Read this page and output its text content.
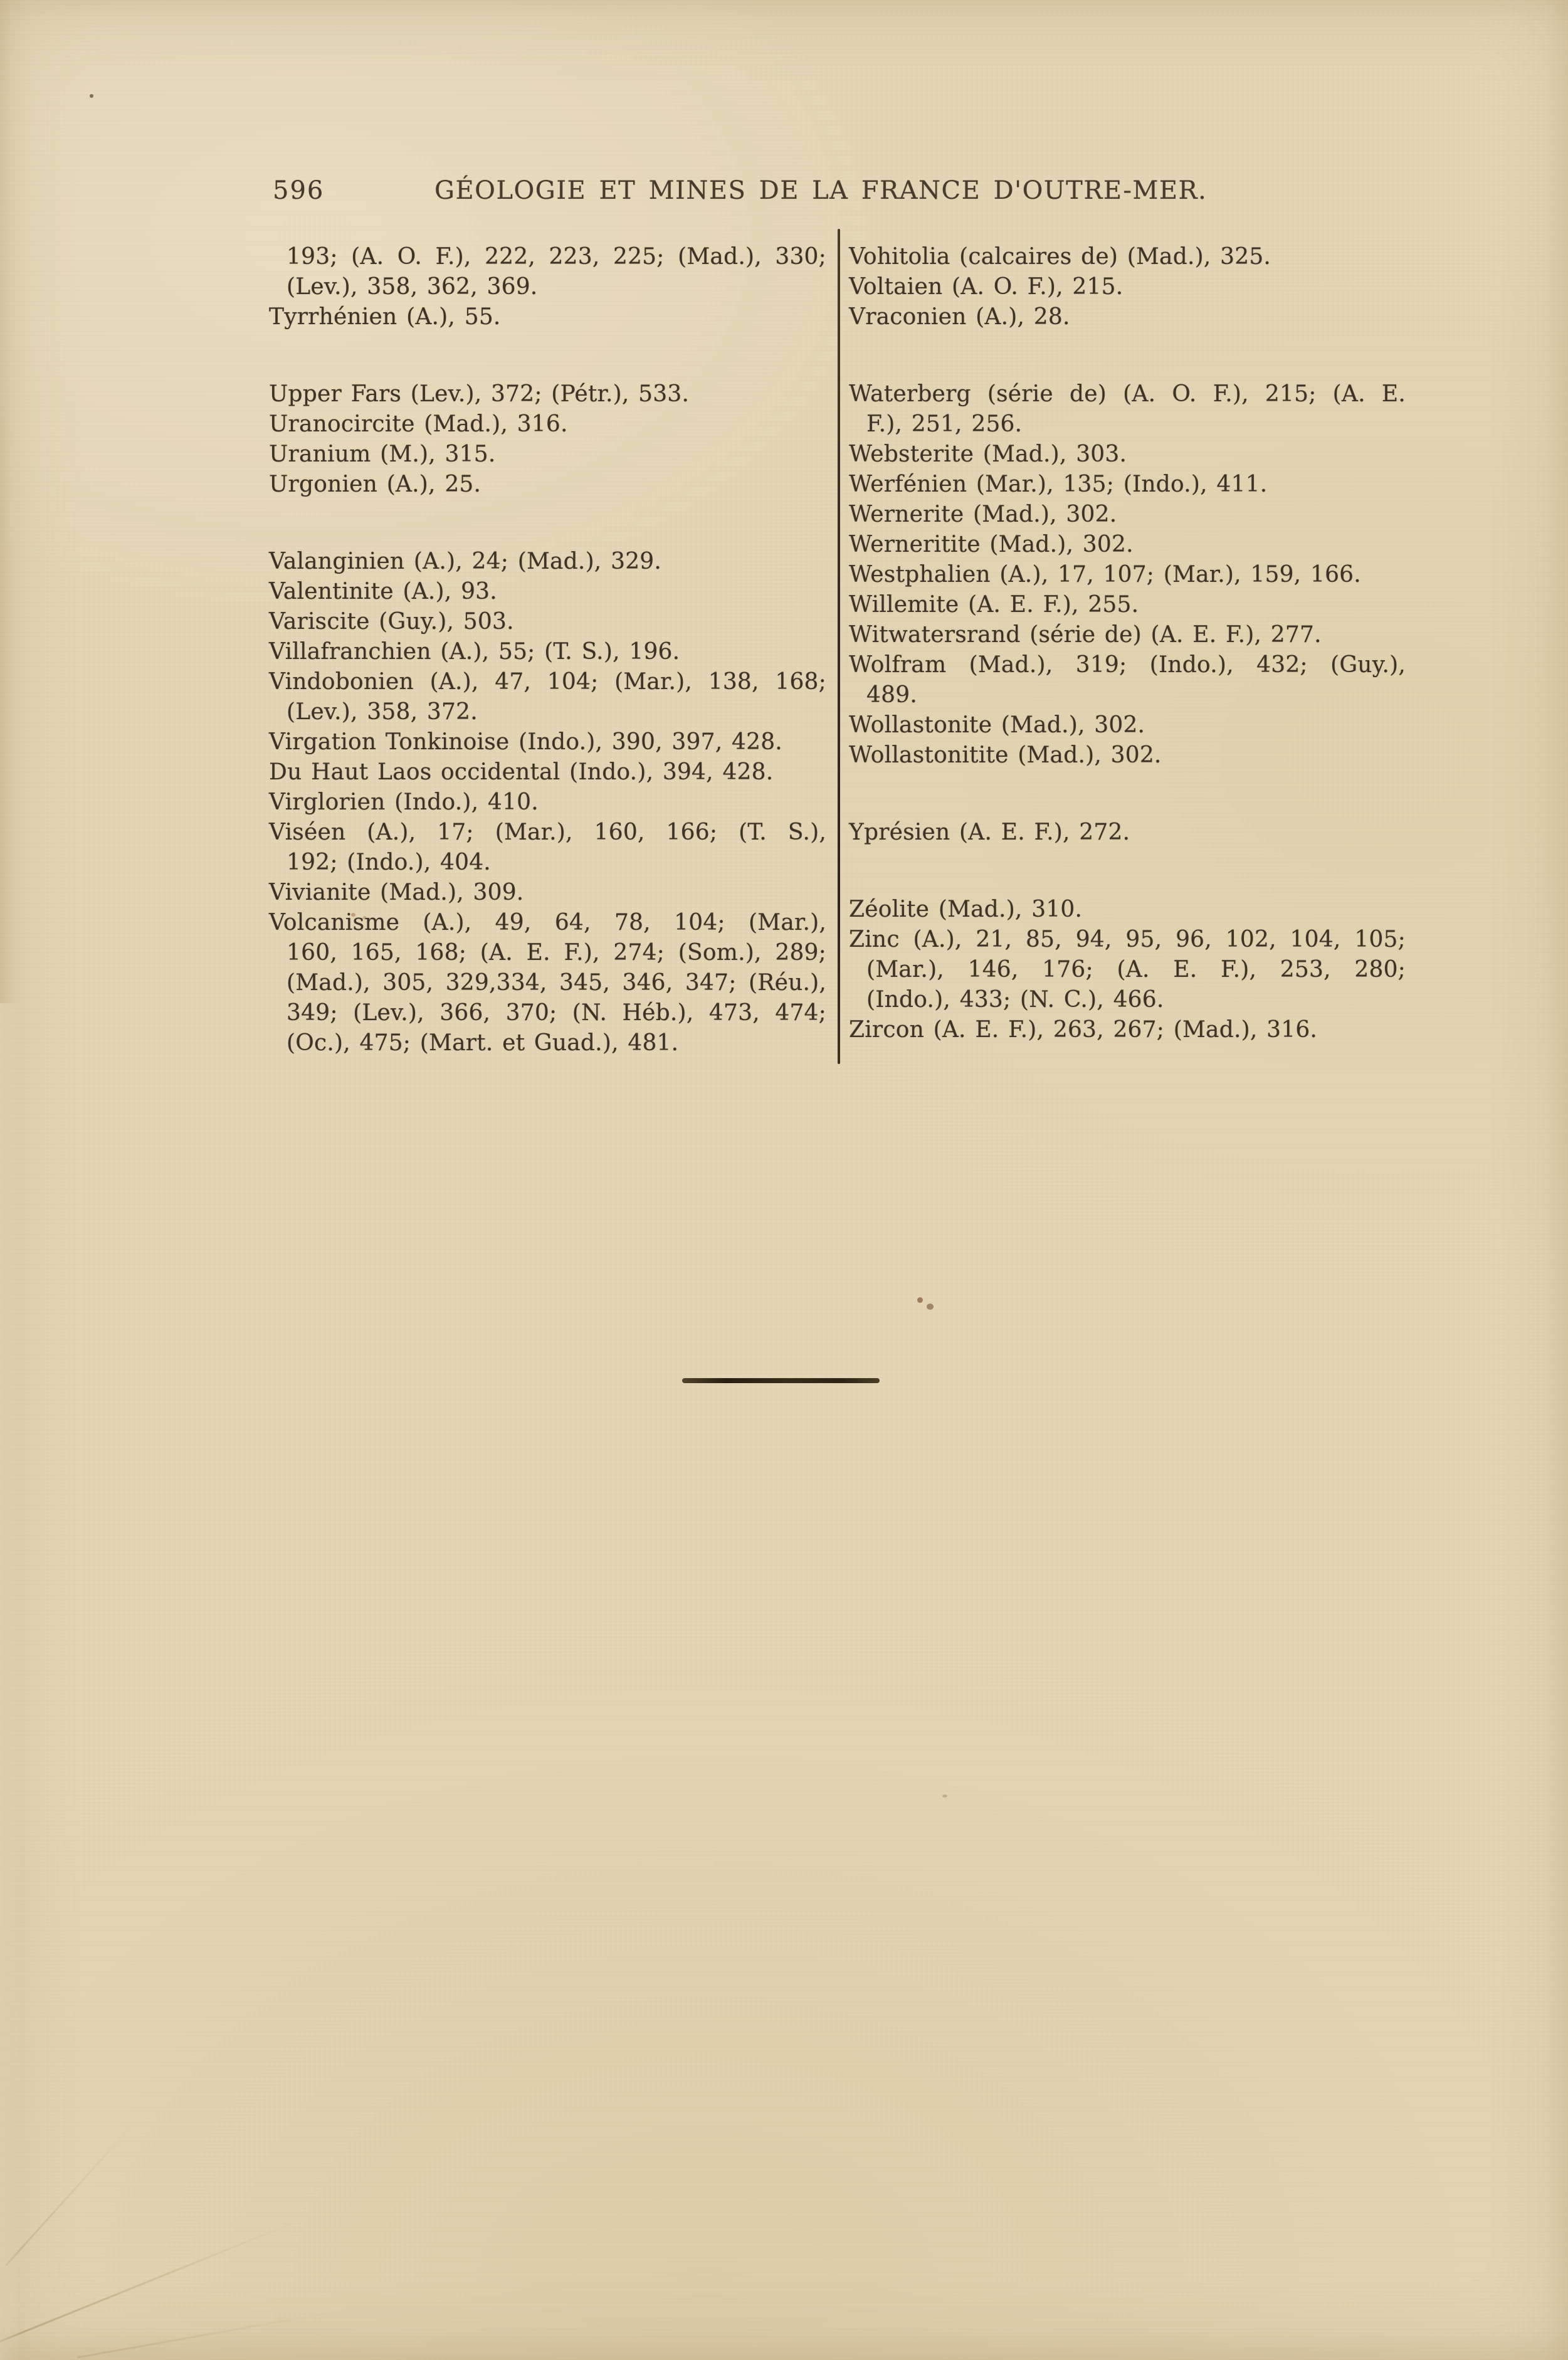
596	GÉOLOGIE ET MINES DE LA FRANCE D'OUTRE-MER.
193; (A. O. F.), 222, 223, 225; (Mad.), 330;
(Lev.), 358, 362, 369.
Tyrrhénien (A.), 55.
Upper Fars (Lev.), 372; (Pétr.), 533.
Uranocircite (Mad.), 316.
Uranium (M.), 315.
Urgonien (A.), 25.
Valanginien (A.), 24; (Mad.), 329.
Valentinite (A.), 93.
Variscite (Guy.), 503.
Villafranchien (A.), 55; (T. S.), 196.
Vindobonien (A.), 47, 104; (Mar.), 138, 168;
(Lev.), 358, 372.
Virgation Tonkinoise (Indo.), 390, 397, 428.
Du Haut Laos occidental (Indo.), 394, 428.
Virglorien (Indo.), 410.
Viséen (A.), 17; (Mar.), 160, 166; (T. S.),
192; (Indo.), 404.
Vivianite (Mad.), 309.
Volcanisme (A.), 49, 64, 78, 104; (Mar.),
160, 165, 168; (A. E. F.), 274; (Som.), 289;
(Mad.), 305, 329,334, 345, 346, 347; (Réu.),
349; (Lev.), 366, 370; (N. Héb.), 473, 474;
(Oc.), 475; (Mart. et Guad.), 481.
Vohitolia (calcaires de) (Mad.), 325.
Voltaien (A. O. F.), 215.
Vraconien (A.), 28.
Waterberg (série de) (A. O. F.), 215; (A. E.
F.), 251, 256.
Websterite (Mad.), 303.
Werfénien (Mar.), 135; (Indo.), 411.
Wernerite (Mad.), 302.
Werneritite (Mad.), 302.
Westphalien (A.), 17, 107; (Mar.), 159, 166.
Willemite (A. E. F.), 255.
Witwatersrand (série de) (A. E. F.), 277.
Wolfram (Mad.), 319; (Indo.), 432; (Guy.),
489.
Wollastonite (Mad.), 302.
Wollastonitite (Mad.), 302.
Yprésien (A. E. F.), 272.
Zéolite (Mad.), 310.
Zinc (A.), 21, 85, 94, 95, 96, 102, 104, 105;
(Mar.), 146, 176; (A. E. F.), 253, 280;
(Indo.), 433; (N. C.), 466.
Zircon (A. E. F.), 263, 267; (Mad.), 316.
